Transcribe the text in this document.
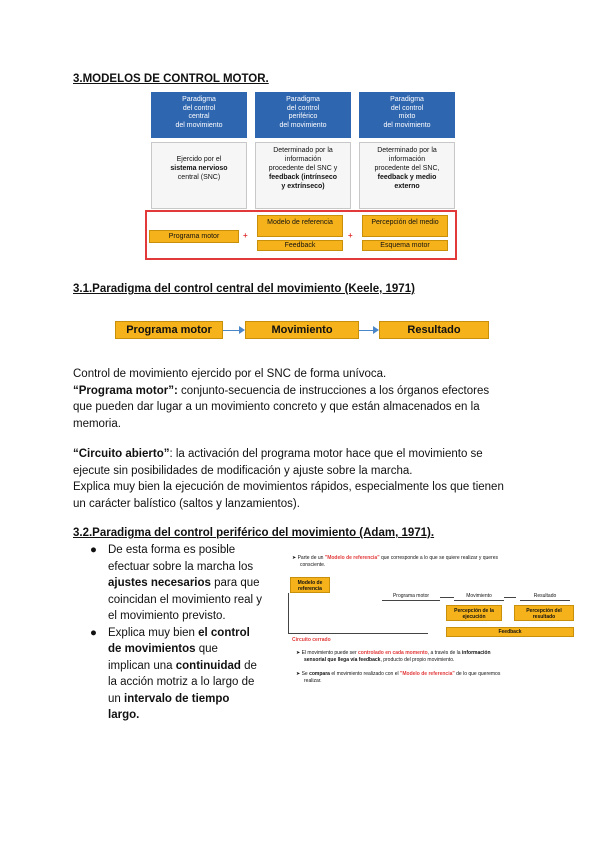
3.MODELOS DE CONTROL MOTOR.
Paradigma
del control
central
del movimiento
Ejercido por el
sistema nervioso
central (SNC)
Paradigma
del control
periférico
del movimiento
Determinado por la
información
procedente del SNC y
feedback (intrínseco
y extrínseco)
Paradigma
del control
mixto
del movimiento
Determinado por la
información
procedente del SNC,
feedback y medio
externo
Programa motor	+
Modelo de referencia
Feedback
+
Percepción del medio
Esquema motor
3.1.Paradigma del control central del movimiento (Keele, 1971)
Programa motor	Movimiento	Resultado
Control de movimiento ejercido por el SNC de forma unívoca.
“Programa motor”: conjunto-secuencia de instrucciones a los órganos efectores
que pueden dar lugar a un movimiento concreto y que están almacenados en la
memoria.
“Circuito abierto”: la activación del programa motor hace que el movimiento se
ejecute sin posibilidades de modificación y ajuste sobre la marcha.
Explica muy bien la ejecución de movimientos rápidos, especialmente los que tienen
un carácter balístico (saltos y lanzamientos).
3.2.Paradigma del control periférico del movimiento (Adam, 1971).
● De esta forma es posible
efectuar sobre la marcha los
ajustes necesarios para que
coincidan el movimiento real y
el movimiento previsto.
● Explica muy bien el control
de movimientos que
implican una continuidad de
la acción motriz a lo largo de
un intervalo de tiempo
largo.
➤ Parte de un "Modelo de referencia" que corresponde a lo que se quiere realizar y queres
consciente.
Modelo de referencia
Programa motor	Movimiento	Resultado
Percepción de la ejecución
Percepción del resultado
Feedback
Circuito cerrado
➤ El movimiento puede ser controlado en cada momento, a través de la información
sensorial que llega vía feedback, producto del propio movimiento.
➤ Se compara el movimiento realizado con el "Modelo de referencia" de lo que queremos
realizar.
